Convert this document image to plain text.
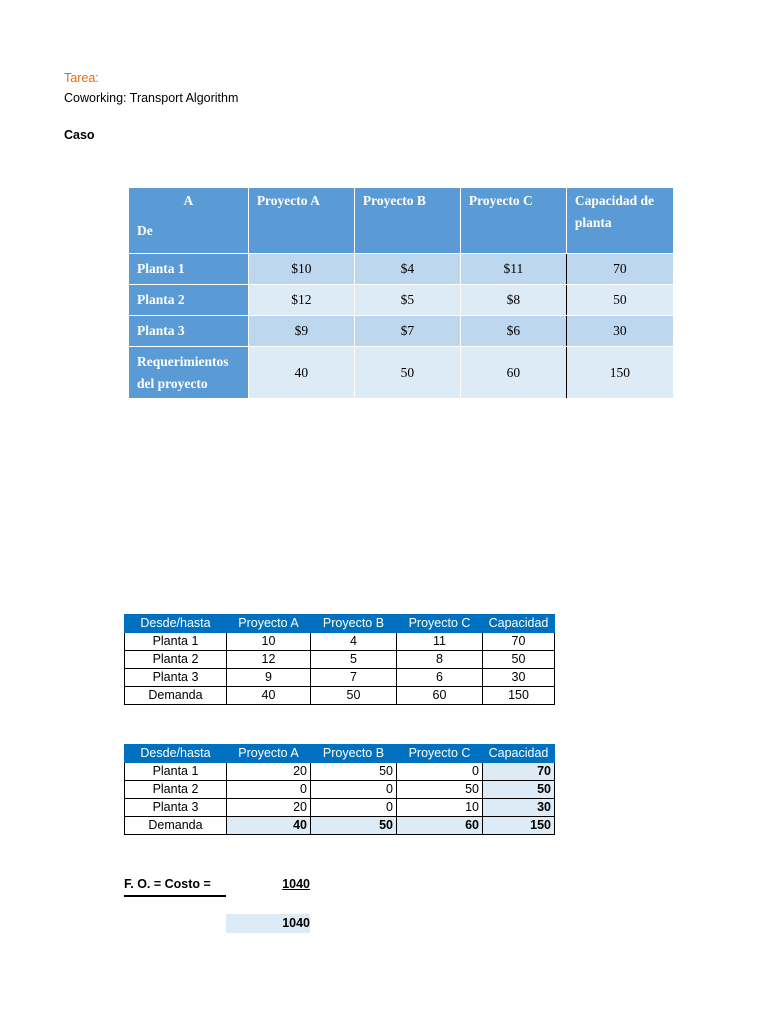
Tarea:
Coworking: Transport Algorithm
Caso
A
De	Proyecto A	Proyecto B	Proyecto C	Capacidad de planta
Planta 1	$10	$4	$11	70
Planta 2	$12	$5	$8	50
Planta 3	$9	$7	$6	30
Requerimientos del proyecto	40	50	60	150
Desde/hasta	Proyecto A	Proyecto B	Proyecto C	Capacidad
Planta 1	10	4	11	70
Planta 2	12	5	8	50
Planta 3	9	7	6	30
Demanda	40	50	60	150
Desde/hasta	Proyecto A	Proyecto B	Proyecto C	Capacidad
Planta 1	20	50	0	70
Planta 2	0	0	50	50
Planta 3	20	0	10	30
Demanda	40	50	60	150
F. O. = Costo =	1040
1040
